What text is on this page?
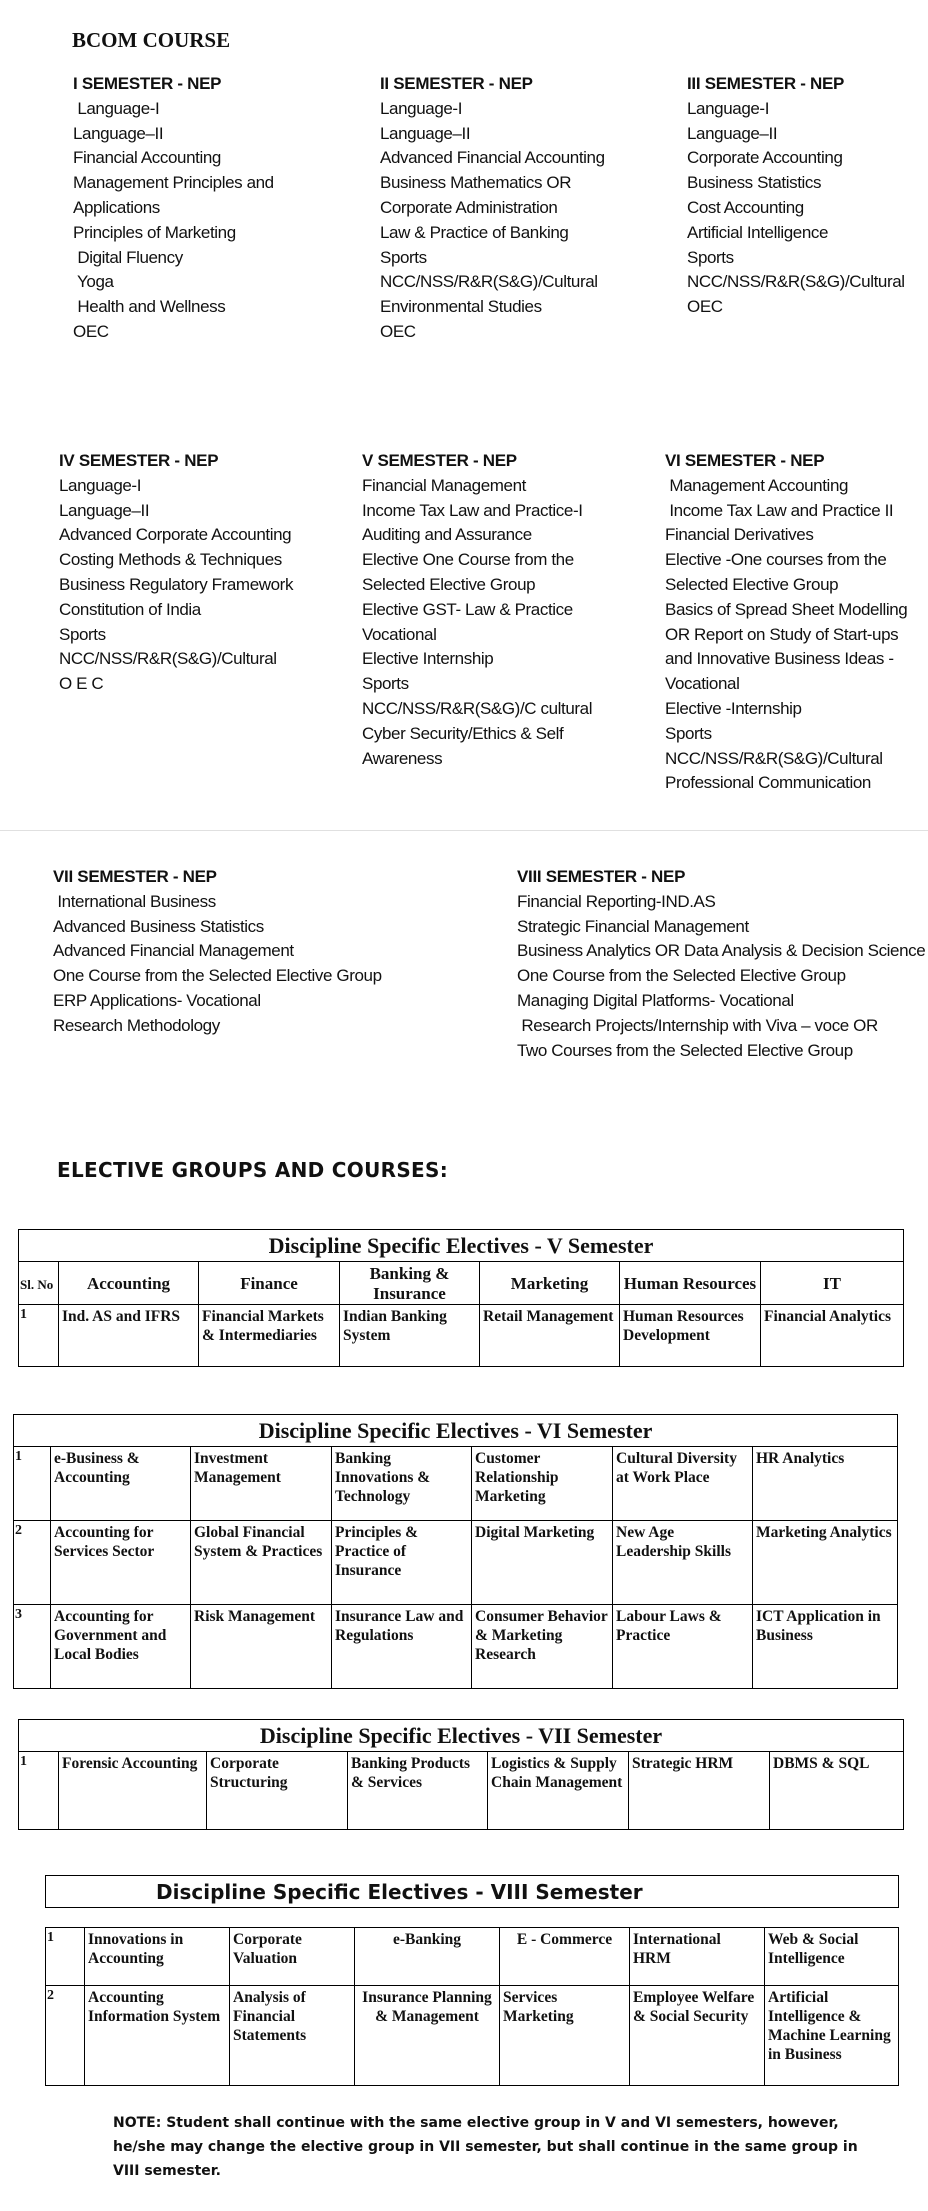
BCOM COURSE
I SEMESTER - NEP
Language-I
Language–II
Financial Accounting
Management Principles and
Applications
Principles of Marketing
Digital Fluency
Yoga
Health and Wellness
OEC
II SEMESTER - NEP
Language-I
Language–II
Advanced Financial Accounting
Business Mathematics OR
Corporate Administration
Law & Practice of Banking
Sports
NCC/NSS/R&R(S&G)/Cultural
Environmental Studies
OEC
III SEMESTER - NEP
Language-I
Language–II
Corporate Accounting
Business Statistics
Cost Accounting
Artificial Intelligence
Sports
NCC/NSS/R&R(S&G)/Cultural
OEC
IV SEMESTER - NEP
Language-I
Language–II
Advanced Corporate Accounting
Costing Methods & Techniques
Business Regulatory Framework
Constitution of India
Sports
NCC/NSS/R&R(S&G)/Cultural
O E C
V SEMESTER - NEP
Financial Management
Income Tax Law and Practice-I
Auditing and Assurance
Elective One Course from the
Selected Elective Group
Elective GST- Law & Practice
Vocational
Elective Internship
Sports
NCC/NSS/R&R(S&G)/C cultural
Cyber Security/Ethics & Self
Awareness
VI SEMESTER - NEP
Management Accounting
Income Tax Law and Practice II
Financial Derivatives
Elective -One courses from the
Selected Elective Group
Basics of Spread Sheet Modelling
OR Report on Study of Start-ups
and Innovative Business Ideas -
Vocational
Elective -Internship
Sports
NCC/NSS/R&R(S&G)/Cultural
Professional Communication
VII SEMESTER - NEP
International Business
Advanced Business Statistics
Advanced Financial Management
One Course from the Selected Elective Group
ERP Applications- Vocational
Research Methodology
VIII SEMESTER - NEP
Financial Reporting-IND.AS
Strategic Financial Management
Business Analytics OR Data Analysis & Decision Science
One Course from the Selected Elective Group
Managing Digital Platforms- Vocational
Research Projects/Internship with Viva – voce OR
Two Courses from the Selected Elective Group
ELECTIVE GROUPS AND COURSES:
Discipline Specific Electives - V Semester						
Sl. No	Accounting	Finance	Banking & Insurance	Marketing	Human Resources	IT
1	Ind. AS and IFRS	Financial Markets & Intermediaries	Indian Banking System	Retail Management	Human Resources Development	Financial Analytics
Discipline Specific Electives - VI Semester						
1	e-Business & Accounting	Investment Management	Banking Innovations & Technology	Customer Relationship Marketing	Cultural Diversity at Work Place	HR Analytics
2	Accounting for Services Sector	Global Financial System & Practices	Principles & Practice of Insurance	Digital Marketing	New Age Leadership Skills	Marketing Analytics
3	Accounting for Government and Local Bodies	Risk Management	Insurance Law and Regulations	Consumer Behavior & Marketing Research	Labour Laws & Practice	ICT Application in Business
Discipline Specific Electives - VII Semester
1	Forensic Accounting	Corporate Structuring	Banking Products & Services	Logistics & Supply Chain Management	Strategic HRM	DBMS & SQL
Discipline Specific Electives - VIII Semester						

1	Innovations in Accounting	Corporate Valuation	e-Banking	E - Commerce	International HRM	Web & Social Intelligence
2	Accounting Information System	Analysis of Financial Statements	Insurance Planning & Management	Services Marketing	Employee Welfare & Social Security	Artificial Intelligence & Machine Learning in Business
NOTE: Student shall continue with the same elective group in V and VI semesters, however, he/she may change the elective group in VII semester, but shall continue in the same group in VIII semester.
